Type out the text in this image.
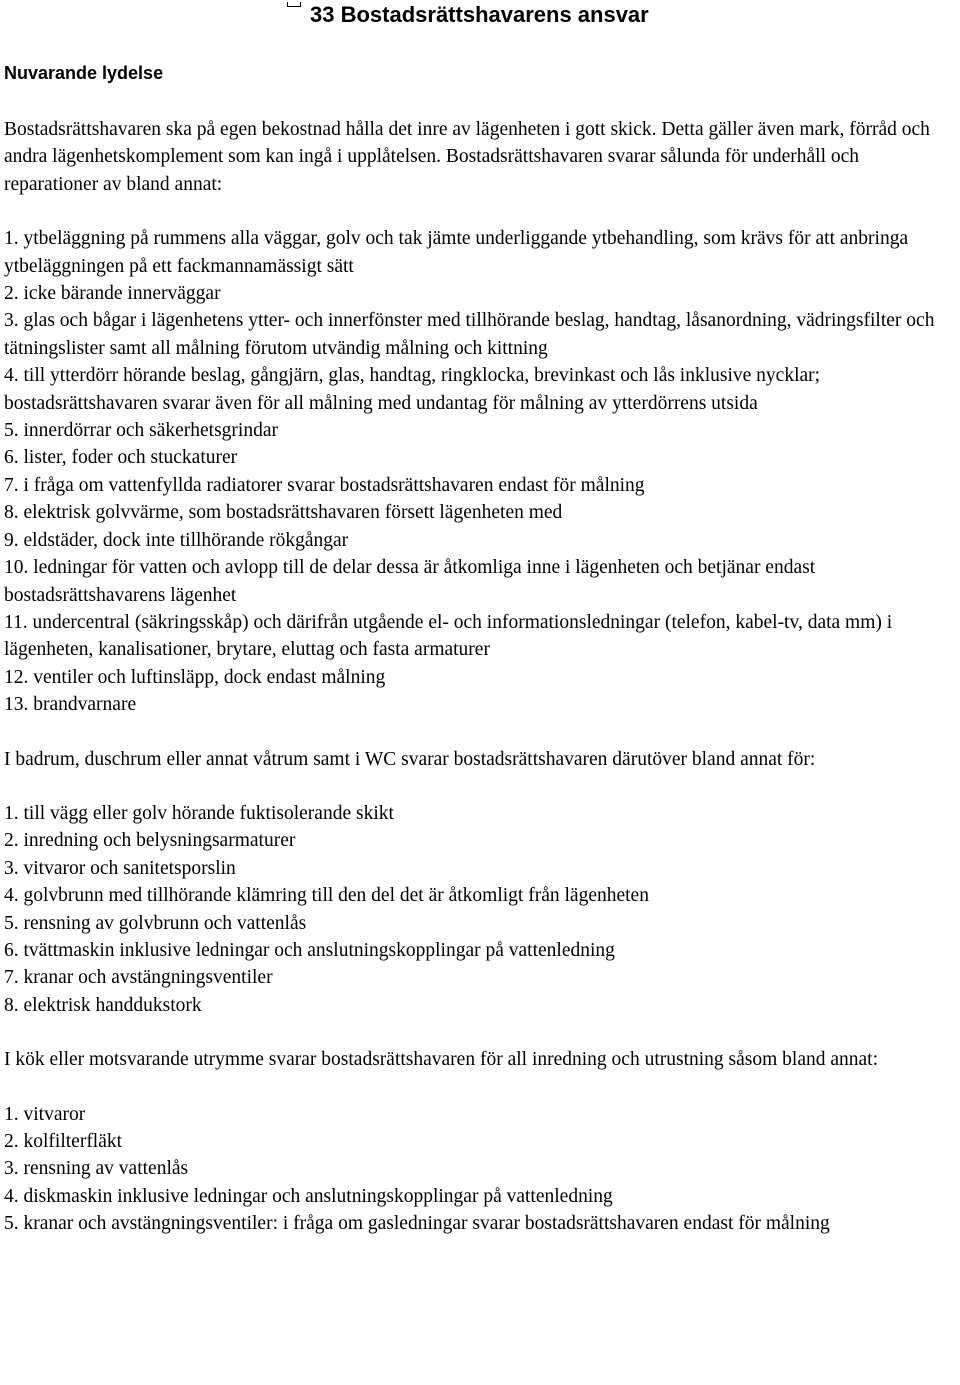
33 Bostadsrättshavarens ansvar
Nuvarande lydelse

Bostadsrättshavaren ska på egen bekostnad hålla det inre av lägenheten i gott skick. Detta gäller även mark, förråd och andra lägenhetskomplement som kan ingå i upplåtelsen. Bostadsrättshavaren svarar sålunda för underhåll och reparationer av bland annat:

1. ytbeläggning på rummens alla väggar, golv och tak jämte underliggande ytbehandling, som krävs för att anbringa ytbeläggningen på ett fackmannamässigt sätt

2. icke bärande innerväggar

3. glas och bågar i lägenhetens ytter- och innerfönster med tillhörande beslag, handtag, låsanordning, vädringsfilter och tätningslister samt all målning förutom utvändig målning och kittning

4. till ytterdörr hörande beslag, gångjärn, glas, handtag, ringklocka, brevinkast och lås inklusive nycklar; bostadsrättshavaren svarar även för all målning med undantag för målning av ytterdörrens utsida

5. innerdörrar och säkerhetsgrindar

6. lister, foder och stuckaturer

7. i fråga om vattenfyllda radiatorer svarar bostadsrättshavaren endast för målning

8. elektrisk golvvärme, som bostadsrättshavaren försett lägenheten med

9. eldstäder, dock inte tillhörande rökgångar

10. ledningar för vatten och avlopp till de delar dessa är åtkomliga inne i lägenheten och betjänar endast bostadsrättshavarens lägenhet

11. undercentral (säkringsskåp) och därifrån utgående el- och informationsledningar (telefon, kabel-tv, data mm) i lägenheten, kanalisationer, brytare, eluttag och fasta armaturer

12. ventiler och luftinsläpp, dock endast målning

13. brandvarnare

I badrum, duschrum eller annat våtrum samt i WC svarar bostadsrättshavaren därutöver bland annat för:

1. till vägg eller golv hörande fuktisolerande skikt

2. inredning och belysningsarmaturer

3. vitvaror och sanitetsporslin

4. golvbrunn med tillhörande klämring till den del det är åtkomligt från lägenheten

5. rensning av golvbrunn och vattenlås

6. tvättmaskin inklusive ledningar och anslutningskopplingar på vattenledning

7. kranar och avstängningsventiler

8. elektrisk handdukstork

I kök eller motsvarande utrymme svarar bostadsrättshavaren för all inredning och utrustning såsom bland annat:

1. vitvaror

2. kolfilterfläkt

3. rensning av vattenlås

4. diskmaskin inklusive ledningar och anslutningskopplingar på vattenledning

5. kranar och avstängningsventiler: i fråga om gasledningar svarar bostadsrättshavaren endast för målning
